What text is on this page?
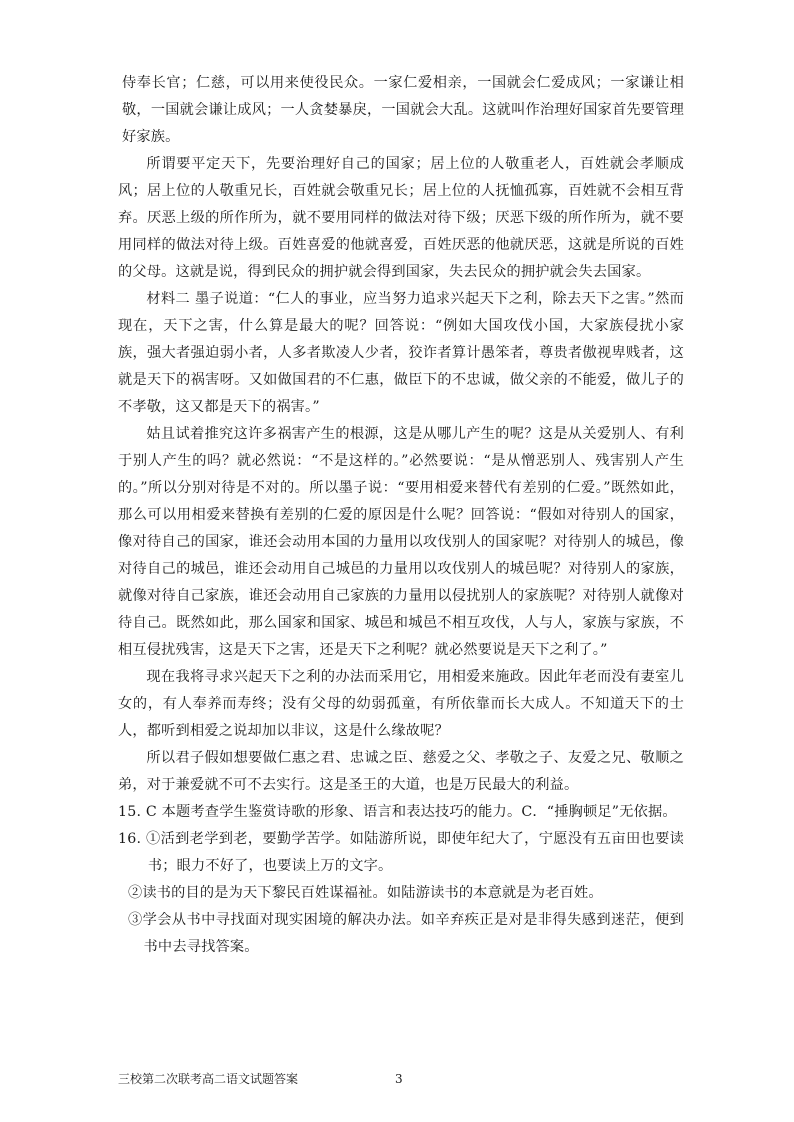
侍奉长官；仁慈，可以用来使役民众。一家仁爱相亲，一国就会仁爱成风；一家谦让相敬，一国就会谦让成风；一人贪婪暴戾，一国就会大乱。这就叫作治理好国家首先要管理好家族。

所谓要平定天下，先要治理好自己的国家；居上位的人敬重老人，百姓就会孝顺成风；居上位的人敬重兄长，百姓就会敬重兄长；居上位的人抚恤孤寡，百姓就不会相互背弃。厌恶上级的所作所为，就不要用同样的做法对待下级；厌恶下级的所作所为，就不要用同样的做法对待上级。百姓喜爱的他就喜爱，百姓厌恶的他就厌恶，这就是所说的百姓的父母。这就是说，得到民众的拥护就会得到国家，失去民众的拥护就会失去国家。

材料二 墨子说道：“仁人的事业，应当努力追求兴起天下之利，除去天下之害。”然而现在，天下之害，什么算是最大的呢？回答说：“例如大国攻伐小国，大家族侵扰小家族，强大者强迫弱小者，人多者欺凌人少者，狡诈者算计愚笨者，尊贵者傲视卑贱者，这就是天下的祸害呀。又如做国君的不仁惠，做臣下的不忠诚，做父亲的不能爱，做儿子的不孝敬，这又都是天下的祸害。”

姑且试着推究这许多祸害产生的根源，这是从哪儿产生的呢？这是从关爱别人、有利于别人产生的吗？就必然说：“不是这样的。”必然要说：“是从憎恶别人、残害别人产生的。”所以分别对待是不对的。所以墨子说：“要用相爱来替代有差别的仁爱。”既然如此，那么可以用相爱来替换有差别的仁爱的原因是什么呢？回答说：“假如对待别人的国家，像对待自己的国家，谁还会动用本国的力量用以攻伐别人的国家呢？对待别人的城邑，像对待自己的城邑，谁还会动用自己城邑的力量用以攻伐别人的城邑呢？对待别人的家族，就像对待自己家族，谁还会动用自己家族的力量用以侵扰别人的家族呢？对待别人就像对待自己。既然如此，那么国家和国家、城邑和城邑不相互攻伐，人与人，家族与家族，不相互侵扰残害，这是天下之害，还是天下之利呢？就必然要说是天下之利了。”

现在我将寻求兴起天下之利的办法而采用它，用相爱来施政。因此年老而没有妻室儿女的，有人奉养而寿终；没有父母的幼弱孤童，有所依靠而长大成人。不知道天下的士人，都听到相爱之说却加以非议，这是什么缘故呢？

所以君子假如想要做仁惠之君、忠诚之臣、慈爱之父、孝敬之子、友爱之兄、敬顺之弟，对于兼爱就不可不去实行。这是圣王的大道，也是万民最大的利益。

15. C 本题考查学生鉴赏诗歌的形象、语言和表达技巧的能力。C．“捶胸顿足”无依据。

16. ①活到老学到老，要勤学苦学。如陆游所说，即使年纪大了，宁愿没有五亩田也要读书；眼力不好了，也要读上万的文字。

②读书的目的是为天下黎民百姓谋福祉。如陆游读书的本意就是为老百姓。

③学会从书中寻找面对现实困境的解决办法。如辛弃疾正是对是非得失感到迷茫，便到书中去寻找答案。

三校第二次联考高二语文试题答案	3
